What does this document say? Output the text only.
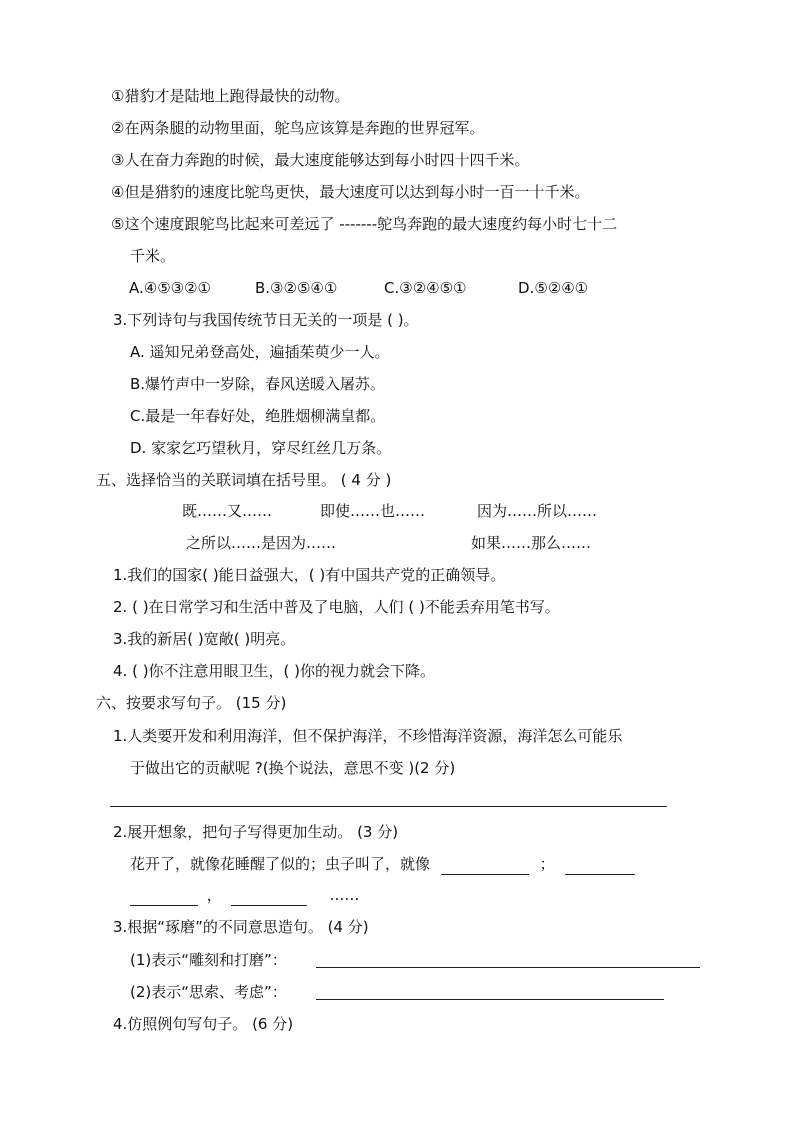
①猎豹才是陆地上跑得最快的动物。
②在两条腿的动物里面，鸵鸟应该算是奔跑的世界冠军。
③人在奋力奔跑的时候，最大速度能够达到每小时四十四千米。
④但是猎豹的速度比鸵鸟更快，最大速度可以达到每小时一百一十千米。
⑤这个速度跟鸵鸟比起来可差远了 -------鸵鸟奔跑的最大速度约每小时七十二
千米。
A.④⑤③②①	B.③②⑤④①	C.③②④⑤①	D.⑤②④①
3.下列诗句与我国传统节日无关的一项是 ( )。
A. 遥知兄弟登高处，遍插茱萸少一人。
B.爆竹声中一岁除，春风送暖入屠苏。
C.最是一年春好处，绝胜烟柳满皇都。
D. 家家乞巧望秋月，穿尽红丝几万条。
五、选择恰当的关联词填在括号里。 ( 4 分 )
既……又……	即使……也……	因为……所以……
之所以……是因为……	如果……那么……
1.我们的国家( )能日益强大，( )有中国共产党的正确领导。
2. ( )在日常学习和生活中普及了电脑，人们 ( )不能丢弃用笔书写。
3.我的新居( )宽敞( )明亮。
4. ( )你不注意用眼卫生，( )你的视力就会下降。
六、按要求写句子。 (15 分)
1.人类要开发和利用海洋，但不保护海洋，不珍惜海洋资源，海洋怎么可能乐
于做出它的贡献呢 ?(换个说法，意思不变 )(2 分)
2.展开想象，把句子写得更加生动。 (3 分)
花开了，就像花睡醒了似的；虫子叫了，就像	；
，	……
3.根据“琢磨”的不同意思造句。 (4 分)
(1)表示“雕刻和打磨”：
(2)表示“思索、考虑”：
4.仿照例句写句子。 (6 分)
